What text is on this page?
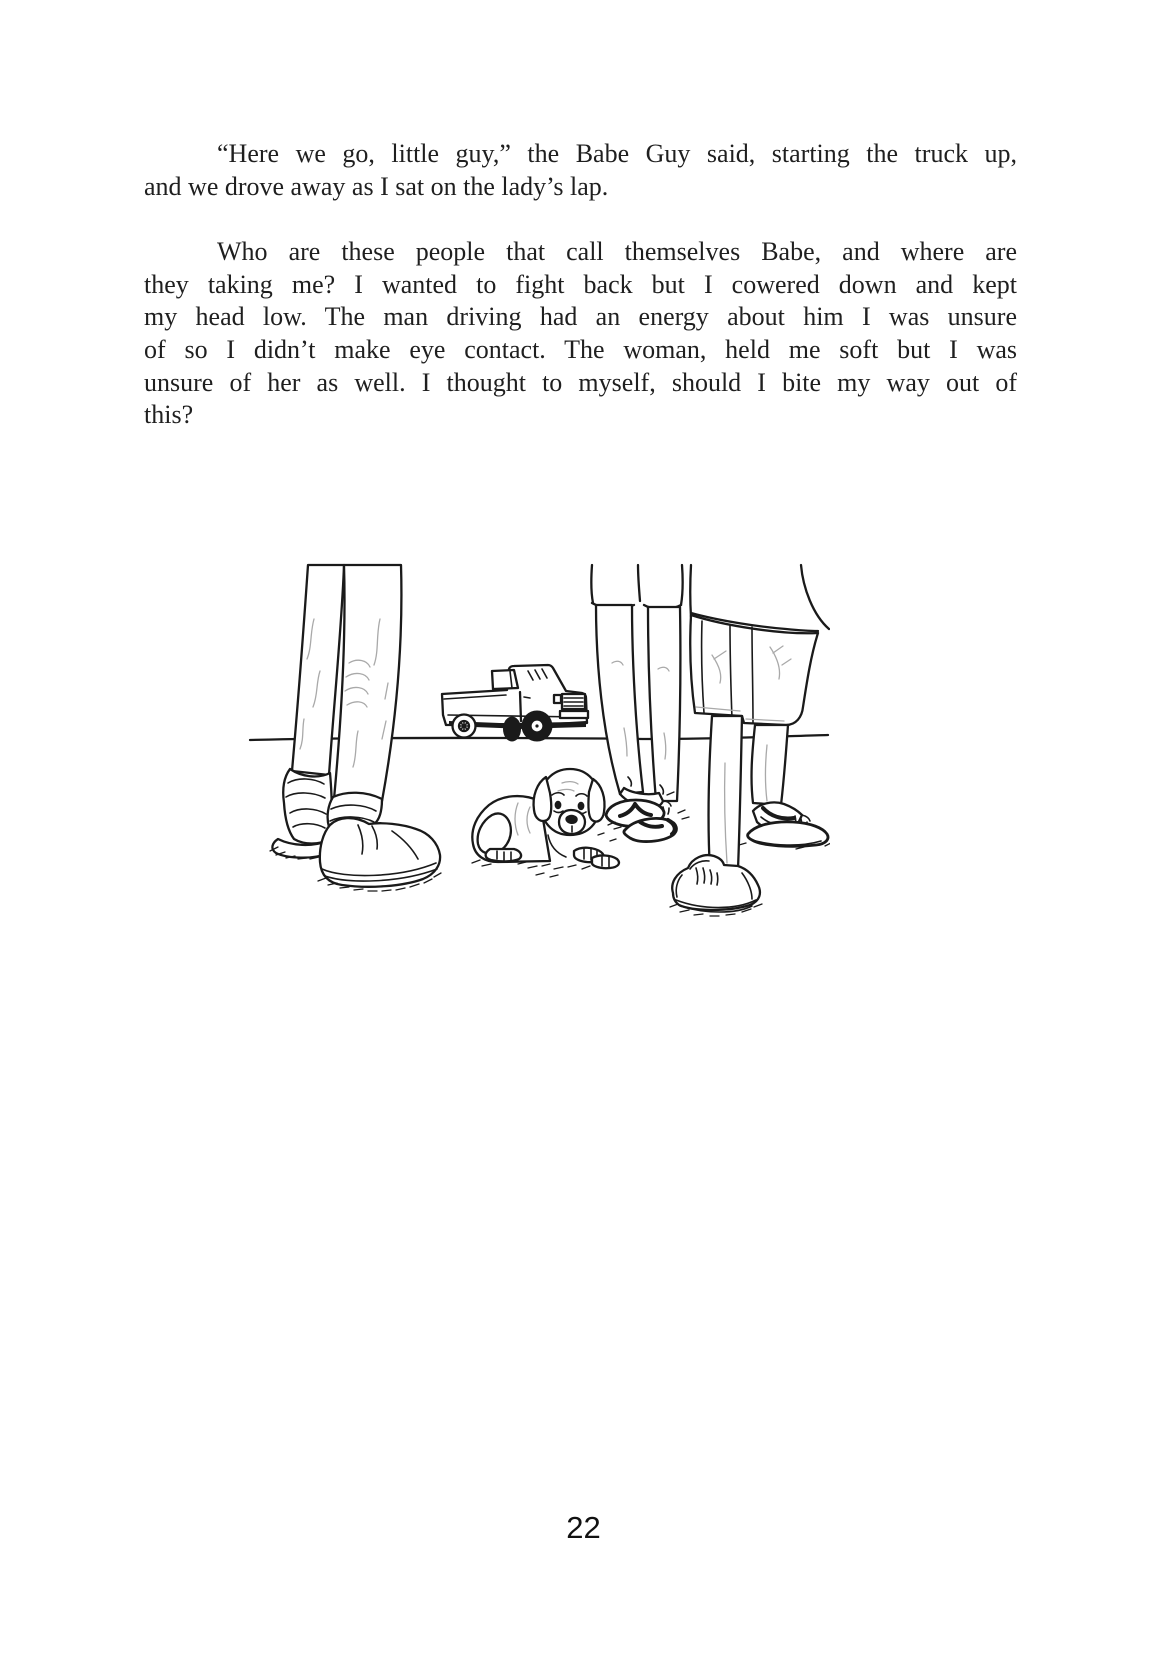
“Here we go, little guy,” the Babe Guy said, starting the truck up,
and we drove away as I sat on the lady’s lap.
Who are these people that call themselves Babe, and where are
they taking me? I wanted to fight back but I cowered down and kept
my head low. The man driving had an energy about him I was unsure
of so I didn’t make eye contact. The woman, held me soft but I was
unsure of her as well. I thought to myself, should I bite my way out of
this?
22
